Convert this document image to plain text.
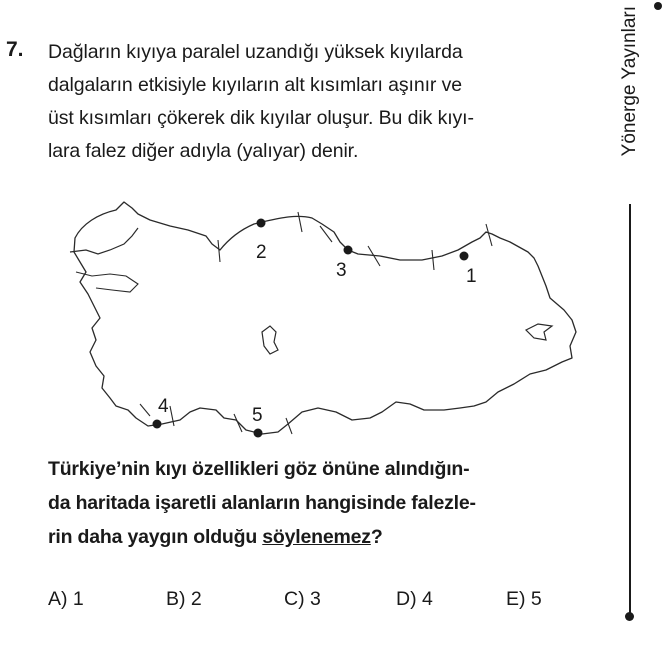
7. Dağların kıyıya paralel uzandığı yüksek kıyılarda
dalgaların etkisiyle kıyıların alt kısımları aşınır ve
üst kısımları çökerek dik kıyılar oluşur. Bu dik kıyı-
lara falez diğer adıyla (yalıyar) denir.
1
2
3
4	5
Türkiye’nin kıyı özellikleri göz önüne alındığın-
da haritada işaretli alanların hangisinde falezle-
rin daha yaygın olduğu söylenemez?
A) 1	B) 2	C) 3	D) 4	E) 5
Yönerge Yayınları
